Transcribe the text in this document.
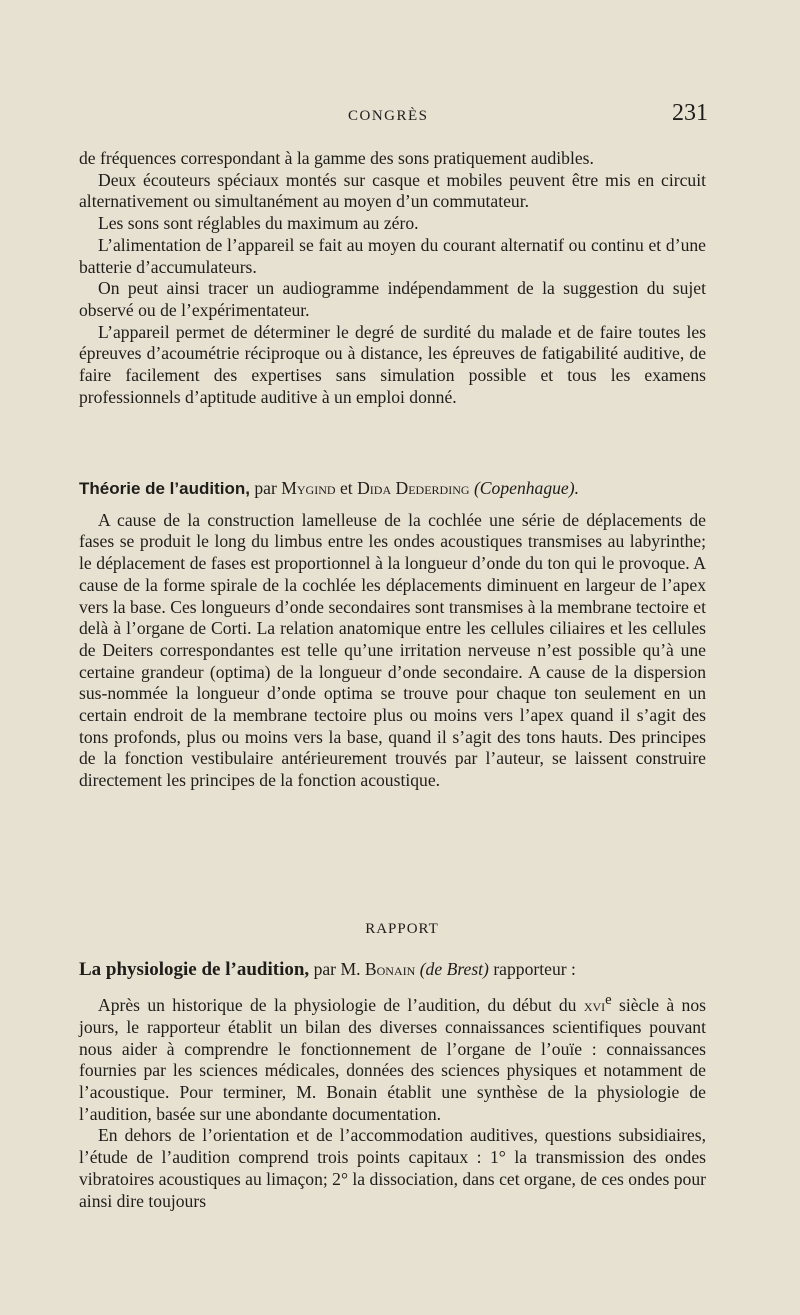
CONGRÈS	231

de fréquences correspondant à la gamme des sons pratiquement audibles.

Deux écouteurs spéciaux montés sur casque et mobiles peuvent être mis en circuit alternativement ou simultanément au moyen d’un commutateur.

Les sons sont réglables du maximum au zéro.

L’alimentation de l’appareil se fait au moyen du courant alternatif ou continu et d’une batterie d’accumulateurs.

On peut ainsi tracer un audiogramme indépendamment de la suggestion du sujet observé ou de l’expérimentateur.

L’appareil permet de déterminer le degré de surdité du malade et de faire toutes les épreuves d’acoumétrie réciproque ou à distance, les épreuves de fatigabilité auditive, de faire facilement des expertises sans simulation possible et tous les examens professionnels d’aptitude auditive à un emploi donné.

Théorie de l’audition, par Mygind et Dida Dederding (Copenhague).

A cause de la construction lamelleuse de la cochlée une série de déplacements de fases se produit le long du limbus entre les ondes acoustiques transmises au labyrinthe; le déplacement de fases est proportionnel à la longueur d’onde du ton qui le provoque. A cause de la forme spirale de la cochlée les déplacements diminuent en largeur de l’apex vers la base. Ces longueurs d’onde secondaires sont transmises à la membrane tectoire et delà à l’organe de Corti. La relation anatomique entre les cellules ciliaires et les cellules de Deiters correspondantes est telle qu’une irritation nerveuse n’est possible qu’à une certaine grandeur (optima) de la longueur d’onde secondaire. A cause de la dispersion sus-nommée la longueur d’onde optima se trouve pour chaque ton seulement en un certain endroit de la membrane tectoire plus ou moins vers l’apex quand il s’agit des tons profonds, plus ou moins vers la base, quand il s’agit des tons hauts. Des principes de la fonction vestibulaire antérieurement trouvés par l’auteur, se laissent construire directement les principes de la fonction acoustique.

RAPPORT

La physiologie de l’audition, par M. Bonain (de Brest) rapporteur :

Après un historique de la physiologie de l’audition, du début du xvi$^e$ siècle à nos jours, le rapporteur établit un bilan des diverses connaissances scientifiques pouvant nous aider à comprendre le fonctionnement de l’organe de l’ouïe : connaissances fournies par les sciences médicales, données des sciences physiques et notamment de l’acoustique. Pour terminer, M. Bonain établit une synthèse de la physiologie de l’audition, basée sur une abondante documentation.

En dehors de l’orientation et de l’accommodation auditives, questions subsidiaires, l’étude de l’audition comprend trois points capitaux : 1° la transmission des ondes vibratoires acoustiques au limaçon; 2° la dissociation, dans cet organe, de ces ondes pour ainsi dire toujours
